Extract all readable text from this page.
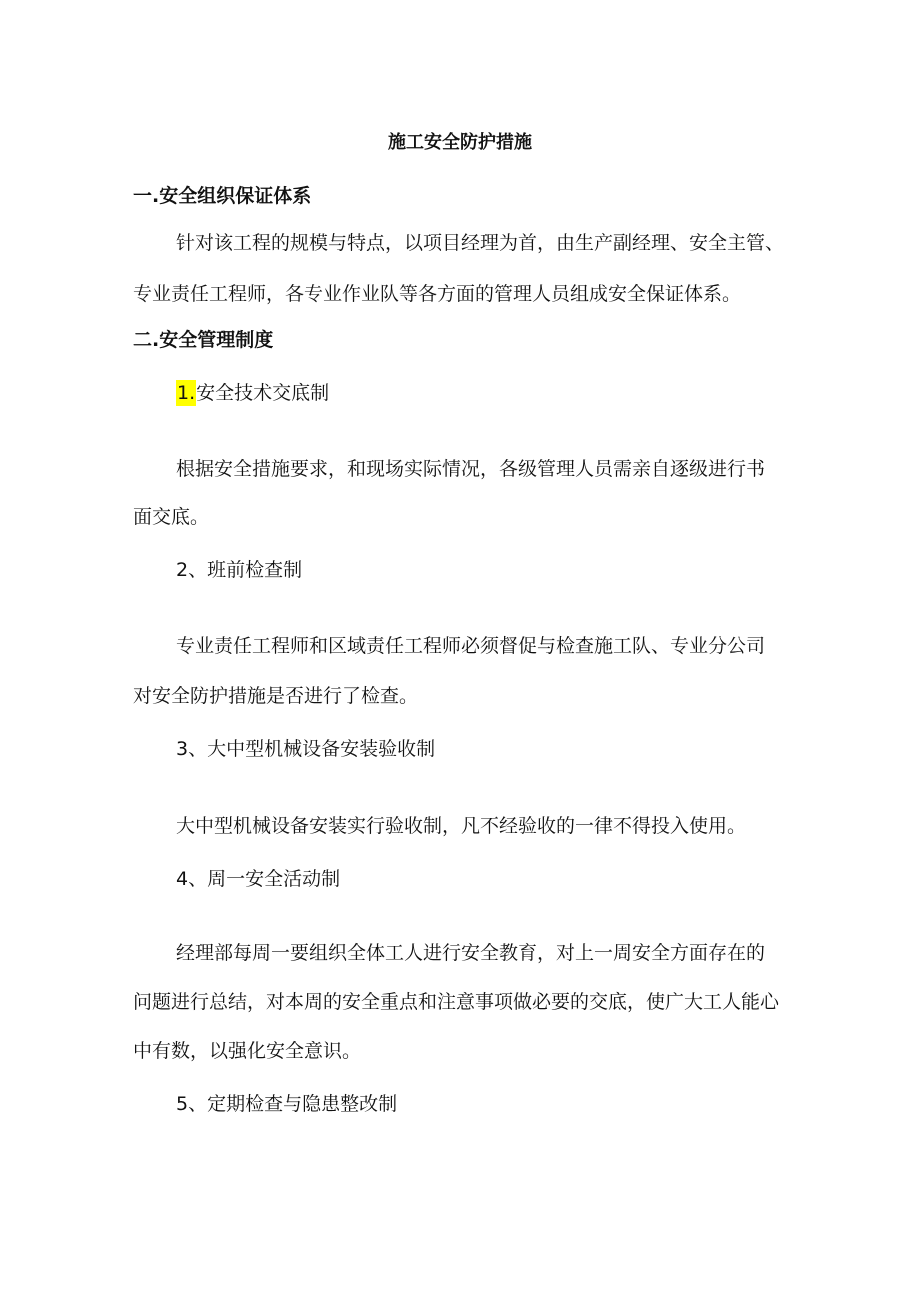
施工安全防护措施
一.安全组织保证体系
针对该工程的规模与特点，以项目经理为首，由生产副经理、安全主管、
专业责任工程师，各专业作业队等各方面的管理人员组成安全保证体系。
二.安全管理制度
1.安全技术交底制
根据安全措施要求，和现场实际情况，各级管理人员需亲自逐级进行书
面交底。
2、班前检查制
专业责任工程师和区域责任工程师必须督促与检查施工队、专业分公司
对安全防护措施是否进行了检查。
3、大中型机械设备安装验收制
大中型机械设备安装实行验收制，凡不经验收的一律不得投入使用。
4、周一安全活动制
经理部每周一要组织全体工人进行安全教育，对上一周安全方面存在的
问题进行总结，对本周的安全重点和注意事项做必要的交底，使广大工人能心
中有数，以强化安全意识。
5、定期检查与隐患整改制
